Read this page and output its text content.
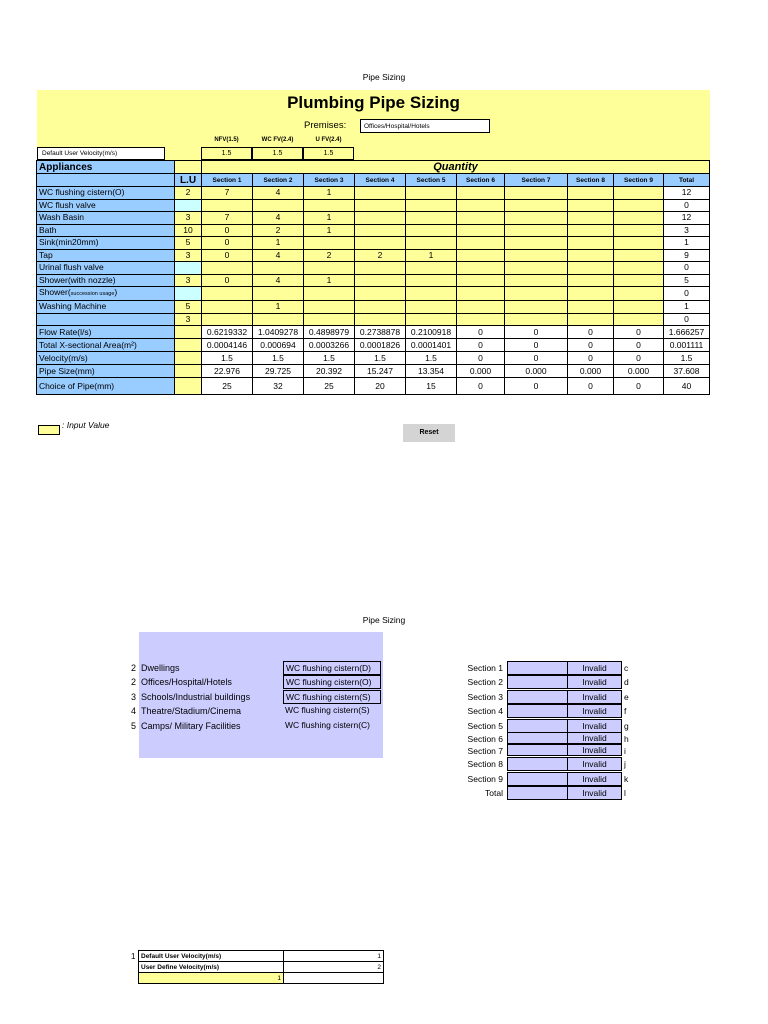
Pipe Sizing
Plumbing Pipe Sizing
Premises:	Offices/Hospital/Hotels
Default User Velocity(m/s)
NFV(1.5)	WC FV(2.4)	U FV(2.4)
1.5	1.5	1.5
Appliances		Quantity									
	L.U	Section 1	Section 2	Section 3	Section 4	Section 5	Section 6	Section 7	Section 8	Section 9	Total
WC flushing cistern(O)	2	7	4	1							12
WC flush valve											0
Wash Basin	3	7	4	1							12
Bath	10	0	2	1							3
Sink(min20mm)	5	0	1								1
Tap	3	0	4	2	2	1					9
Urinal flush valve											0
Shower(with nozzle)	3	0	4	1							5
Shower(succession usage)											0
Washing Machine	5		1								1
	3										0
Flow Rate(l/s)		0.6219332	1.0409278	0.4898979	0.2738878	0.2100918	0	0	0	0	1.666257
Total X-sectional Area(m²)		0.0004146	0.000694	0.0003266	0.0001826	0.0001401	0	0	0	0	0.001111
Velocity(m/s)		1.5	1.5	1.5	1.5	1.5	0	0	0	0	1.5
Pipe Size(mm)		22.976	29.725	20.392	15.247	13.354	0.000	0.000	0.000	0.000	37.608
Choice of Pipe(mm)		25	32	25	20	15	0	0	0	0	40
: Input Value
Reset
Pipe Sizing
2 Dwellings	WC flushing cistern(D)
2 Offices/Hospital/Hotels	WC flushing cistern(O)
3 Schools/Industrial buildings	WC flushing cistern(S)
4 Theatre/Stadium/Cinema	WC flushing cistern(S)
5 Camps/ Military Facilities	WC flushing cistern(C)
Section 1	Invalid	c
Section 2	Invalid	d
Section 3	Invalid	e
Section 4	Invalid	f
Section 5	Invalid	g
Section 6	Invalid	h
Section 7	Invalid	i
Section 8	Invalid	j
Section 9	Invalid	k
Total	Invalid	l
1 Default User Velocity(m/s)	1
User Define Velocity(m/s)	2
1	
